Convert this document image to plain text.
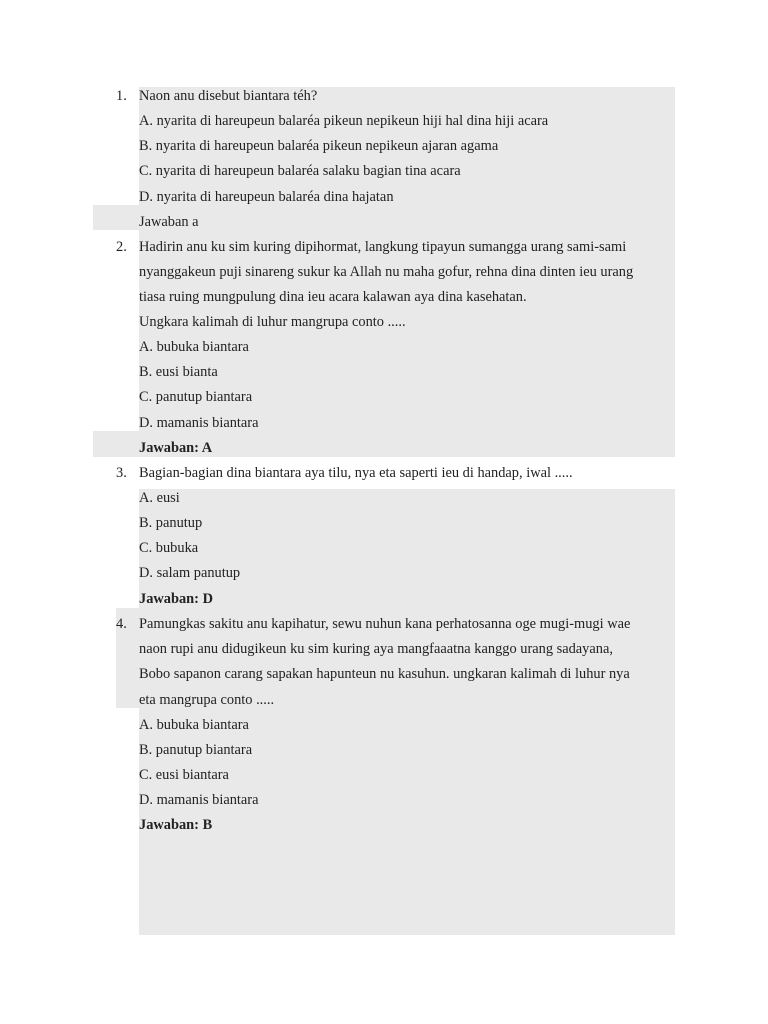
1. Naon anu disebut biantara téh?
A. nyarita di hareupeun balaréa pikeun nepikeun hiji hal dina hiji acara
B. nyarita di hareupeun balaréa pikeun nepikeun ajaran agama
C. nyarita di hareupeun balaréa salaku bagian tina acara
D. nyarita di hareupeun balaréa dina hajatan
Jawaban a
2. Hadirin anu ku sim kuring dipihormat, langkung tipayun sumangga urang sami-sami
nyanggakeun puji sinareng sukur ka Allah nu maha gofur, rehna dina dinten ieu urang
tiasa ruing mungpulung dina ieu acara kalawan aya dina kasehatan.
Ungkara kalimah di luhur mangrupa conto .....
A. bubuka biantara
B. eusi bianta
C. panutup biantara
D. mamanis biantara
Jawaban: A
3. Bagian-bagian dina biantara aya tilu, nya eta saperti ieu di handap, iwal .....
A. eusi
B. panutup
C. bubuka
D. salam panutup
Jawaban: D
4. Pamungkas sakitu anu kapihatur, sewu nuhun kana perhatosanna oge mugi-mugi wae
naon rupi anu didugikeun ku sim kuring aya mangfaaatna kanggo urang sadayana,
Bobo sapanon carang sapakan hapunteun nu kasuhun. ungkaran kalimah di luhur nya
eta mangrupa conto .....
A. bubuka biantara
B. panutup biantara
C. eusi biantara
D. mamanis biantara
Jawaban: B
